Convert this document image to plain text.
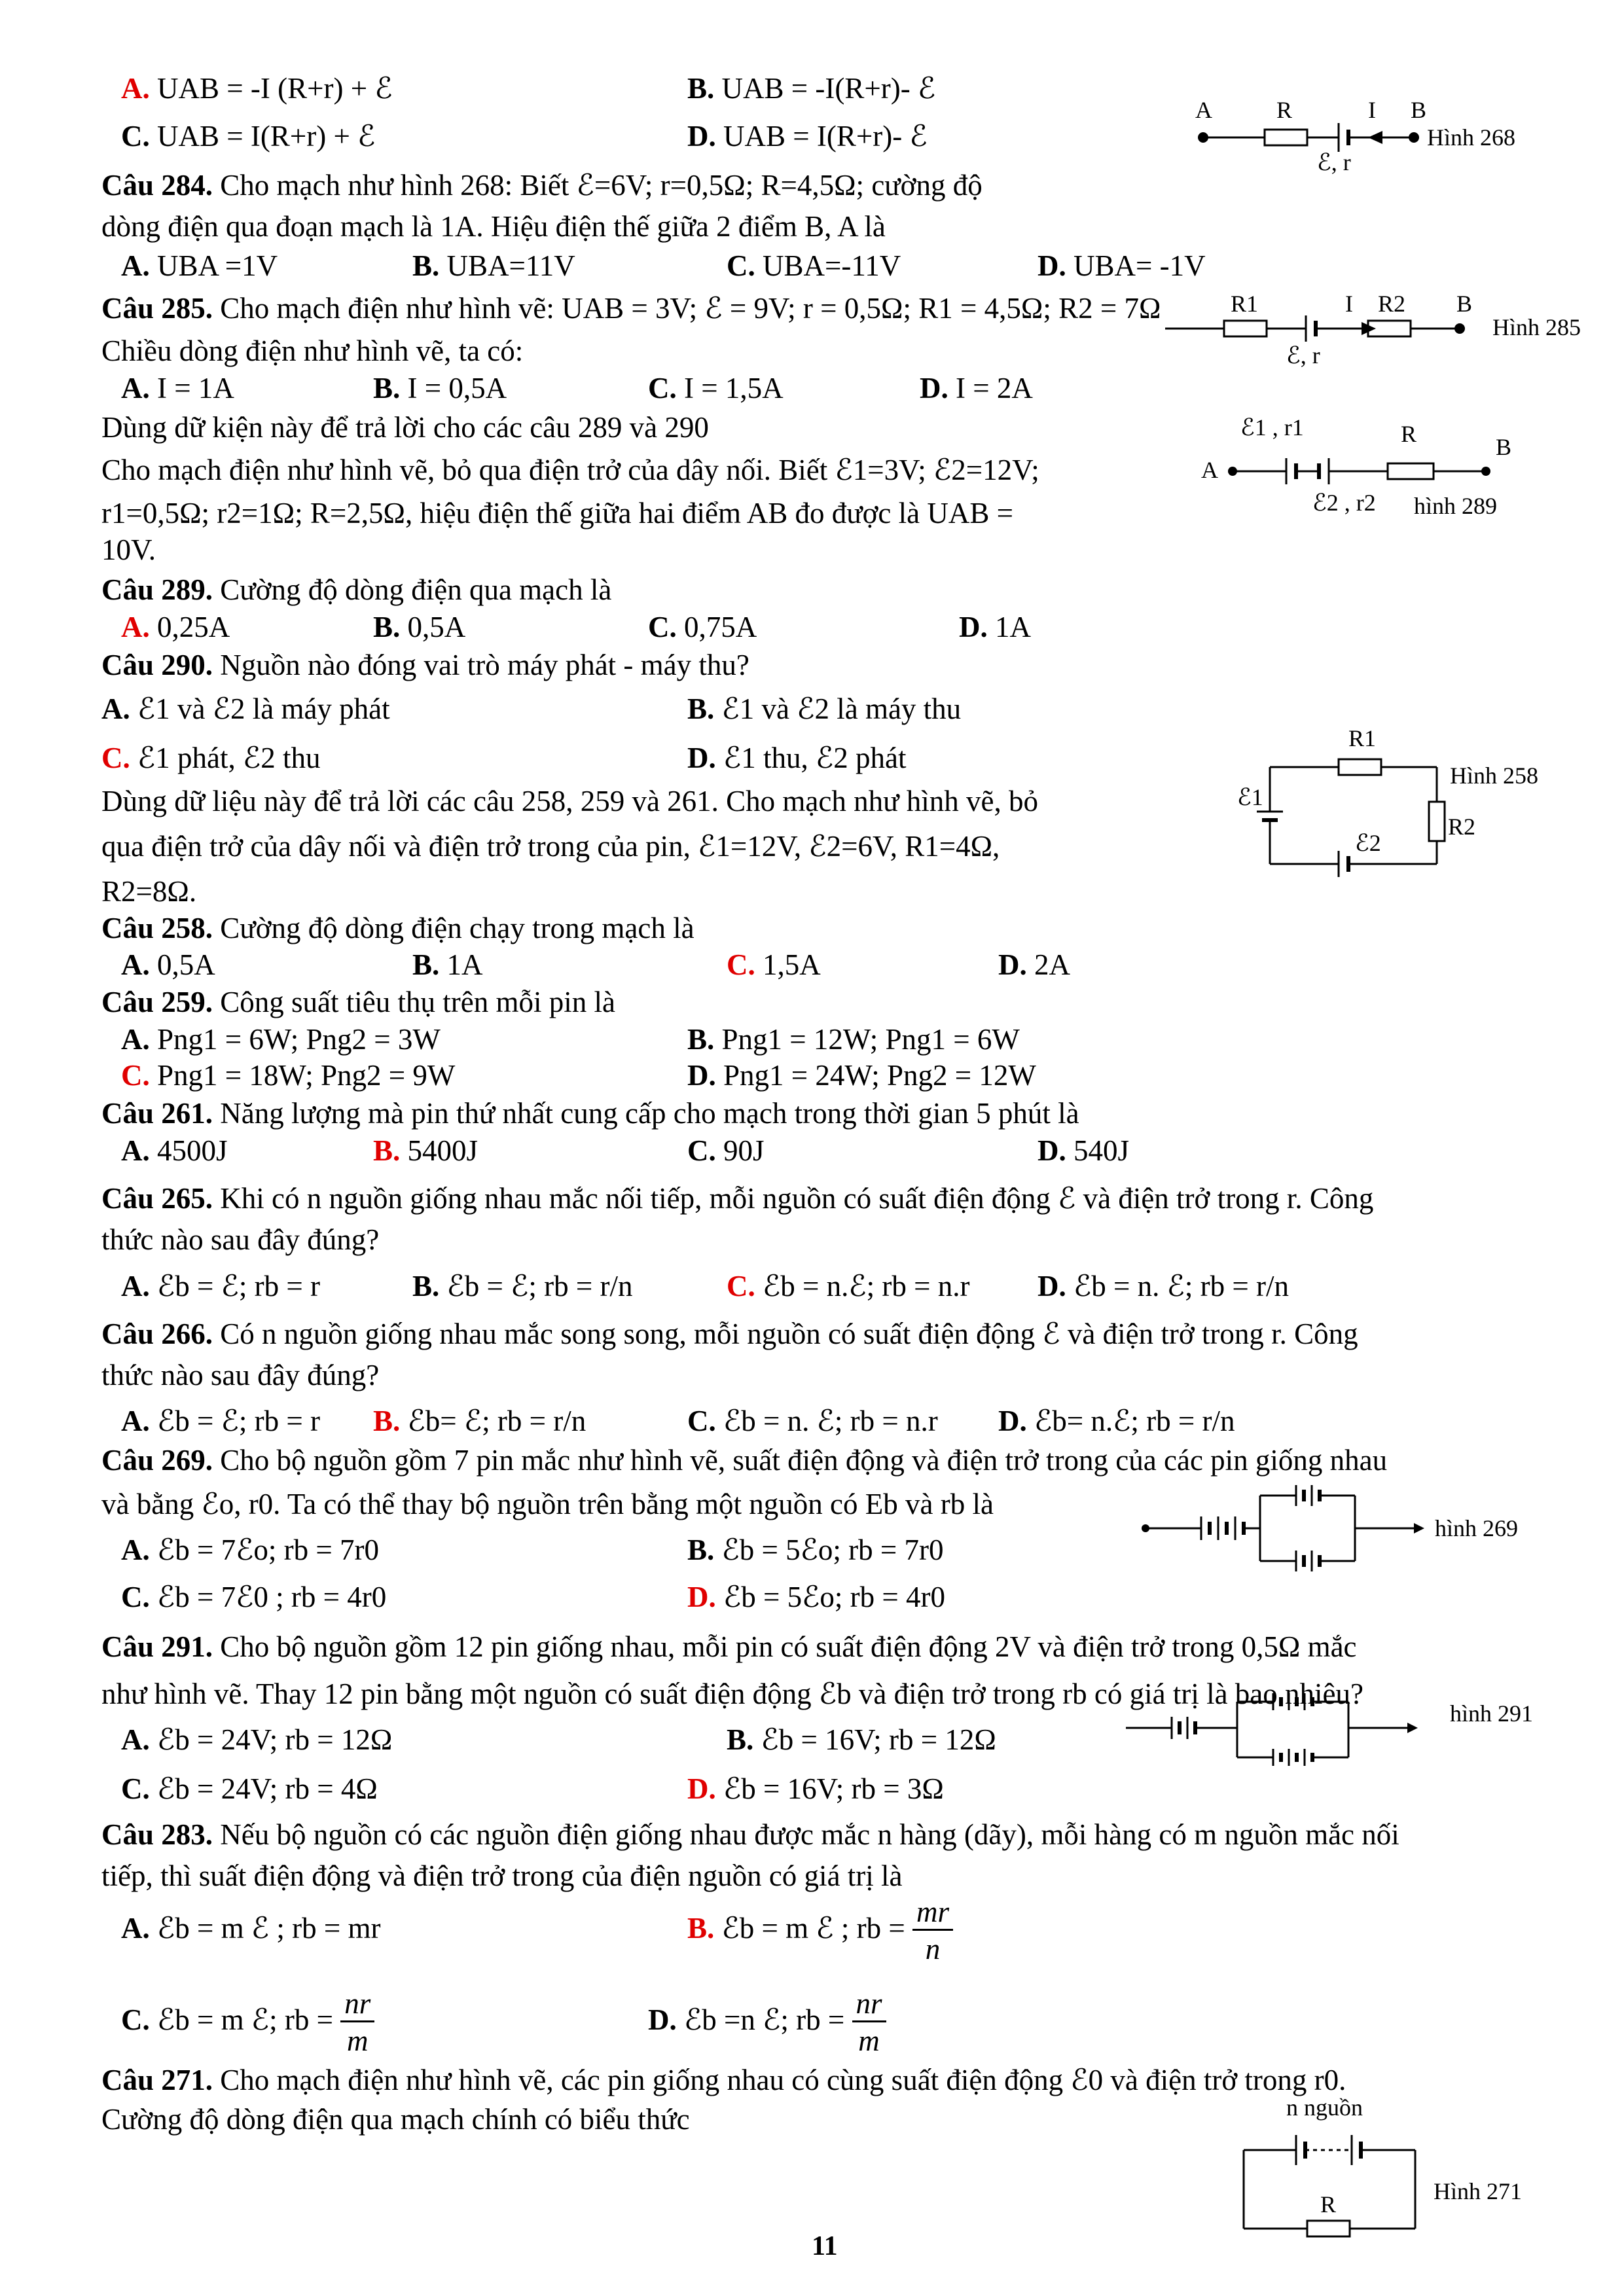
A. UAB = -I (R+r) + ℰ	B. UAB = -I(R+r)- ℰ
C. UAB = I(R+r) + ℰ	D. UAB = I(R+r)- ℰ
A	R	I B
ℰ, r
Hình 268
Câu 284. Cho mạch như hình 268: Biết ℰ=6V; r=0,5Ω; R=4,5Ω; cường độ
dòng điện qua đoạn mạch là 1A. Hiệu điện thế giữa 2 điểm B, A là
A. UBA =1V	B. UBA=11V	C. UBA=-11V	D. UBA= -1V
Câu 285. Cho mạch điện như hình vẽ: UAB = 3V; ℰ = 9V; r = 0,5Ω; R1 = 4,5Ω; R2 = 7Ω
Chiều dòng điện như hình vẽ, ta có:
A. I = 1A	B. I = 0,5A	C. I = 1,5A	D. I = 2A
R1	I R2 B
ℰ, r
Hình 285
Dùng dữ kiện này để trả lời cho các câu 289 và 290
Cho mạch điện như hình vẽ, bỏ qua điện trở của dây nối. Biết ℰ1=3V; ℰ2=12V;
r1=0,5Ω; r2=1Ω; R=2,5Ω, hiệu điện thế giữa hai điểm AB đo được là UAB =
10V.
ℰ1 , r1	R
A
B
ℰ2 , r2 hình 289
Câu 289. Cường độ dòng điện qua mạch là
A. 0,25A	B. 0,5A	C. 0,75A	D. 1A
Câu 290. Nguồn nào đóng vai trò máy phát - máy thu?
A. ℰ1 và ℰ2 là máy phát	B. ℰ1 và ℰ2 là máy thu
C. ℰ1 phát, ℰ2 thu	D. ℰ1 thu, ℰ2 phát
Dùng dữ liệu này để trả lời các câu 258, 259 và 261. Cho mạch như hình vẽ, bỏ
qua điện trở của dây nối và điện trở trong của pin, ℰ1=12V, ℰ2=6V, R1=4Ω,
R2=8Ω.
R1
ℰ1
R2
ℰ2
Hình 258
Câu 258. Cường độ dòng điện chạy trong mạch là
A. 0,5A	B. 1A	C. 1,5A	D. 2A
Câu 259. Công suất tiêu thụ trên mỗi pin là
A. Png1 = 6W; Png2 = 3W	B. Png1 = 12W; Png1 = 6W
C. Png1 = 18W; Png2 = 9W	D. Png1 = 24W; Png2 = 12W
Câu 261. Năng lượng mà pin thứ nhất cung cấp cho mạch trong thời gian 5 phút là
A. 4500J	B. 5400J	C. 90J	D. 540J
Câu 265. Khi có n nguồn giống nhau mắc nối tiếp, mỗi nguồn có suất điện động ℰ và điện trở trong r. Công
thức nào sau đây đúng?
A. ℰb = ℰ; rb = r	B. ℰb = ℰ; rb = r/n	C. ℰb = n.ℰ; rb = n.r D. ℰb = n. ℰ; rb = r/n
Câu 266. Có n nguồn giống nhau mắc song song, mỗi nguồn có suất điện động ℰ và điện trở trong r. Công
thức nào sau đây đúng?
A. ℰb = ℰ; rb = r B. ℰb= ℰ; rb = r/n	C. ℰb = n. ℰ; rb = n.r D. ℰb= n.ℰ; rb = r/n
Câu 269. Cho bộ nguồn gồm 7 pin mắc như hình vẽ, suất điện động và điện trở trong của các pin giống nhau
và bằng ℰo, r0. Ta có thể thay bộ nguồn trên bằng một nguồn có Eb và rb là
A. ℰb = 7ℰo; rb = 7r0	B. ℰb = 5ℰo; rb = 7r0
C. ℰb = 7ℰ0 ; rb = 4r0	D. ℰb = 5ℰo; rb = 4r0
hình 269
Câu 291. Cho bộ nguồn gồm 12 pin giống nhau, mỗi pin có suất điện động 2V và điện trở trong 0,5Ω mắc
như hình vẽ. Thay 12 pin bằng một nguồn có suất điện động ℰb và điện trở trong rb có giá trị là bao nhiêu?
A. ℰb = 24V; rb = 12Ω	B. ℰb = 16V; rb = 12Ω
C. ℰb = 24V; rb = 4Ω	D. ℰb = 16V; rb = 3Ω
hình 291
Câu 283. Nếu bộ nguồn có các nguồn điện giống nhau được mắc n hàng (dãy), mỗi hàng có m nguồn mắc nối
tiếp, thì suất điện động và điện trở trong của điện nguồn có giá trị là
A. ℰb = m ℰ ; rb = mr	B. ℰb = m ℰ ; rb = $\frac{mr}{n}$
C. ℰb = m ℰ; rb = $\frac{nr}{m}$	D. ℰb =n ℰ; rb = $\frac{nr}{m}$
Câu 271. Cho mạch điện như hình vẽ, các pin giống nhau có cùng suất điện động ℰ0 và điện trở trong r0.
Cường độ dòng điện qua mạch chính có biểu thức	n nguồn
R	Hình 271
11
